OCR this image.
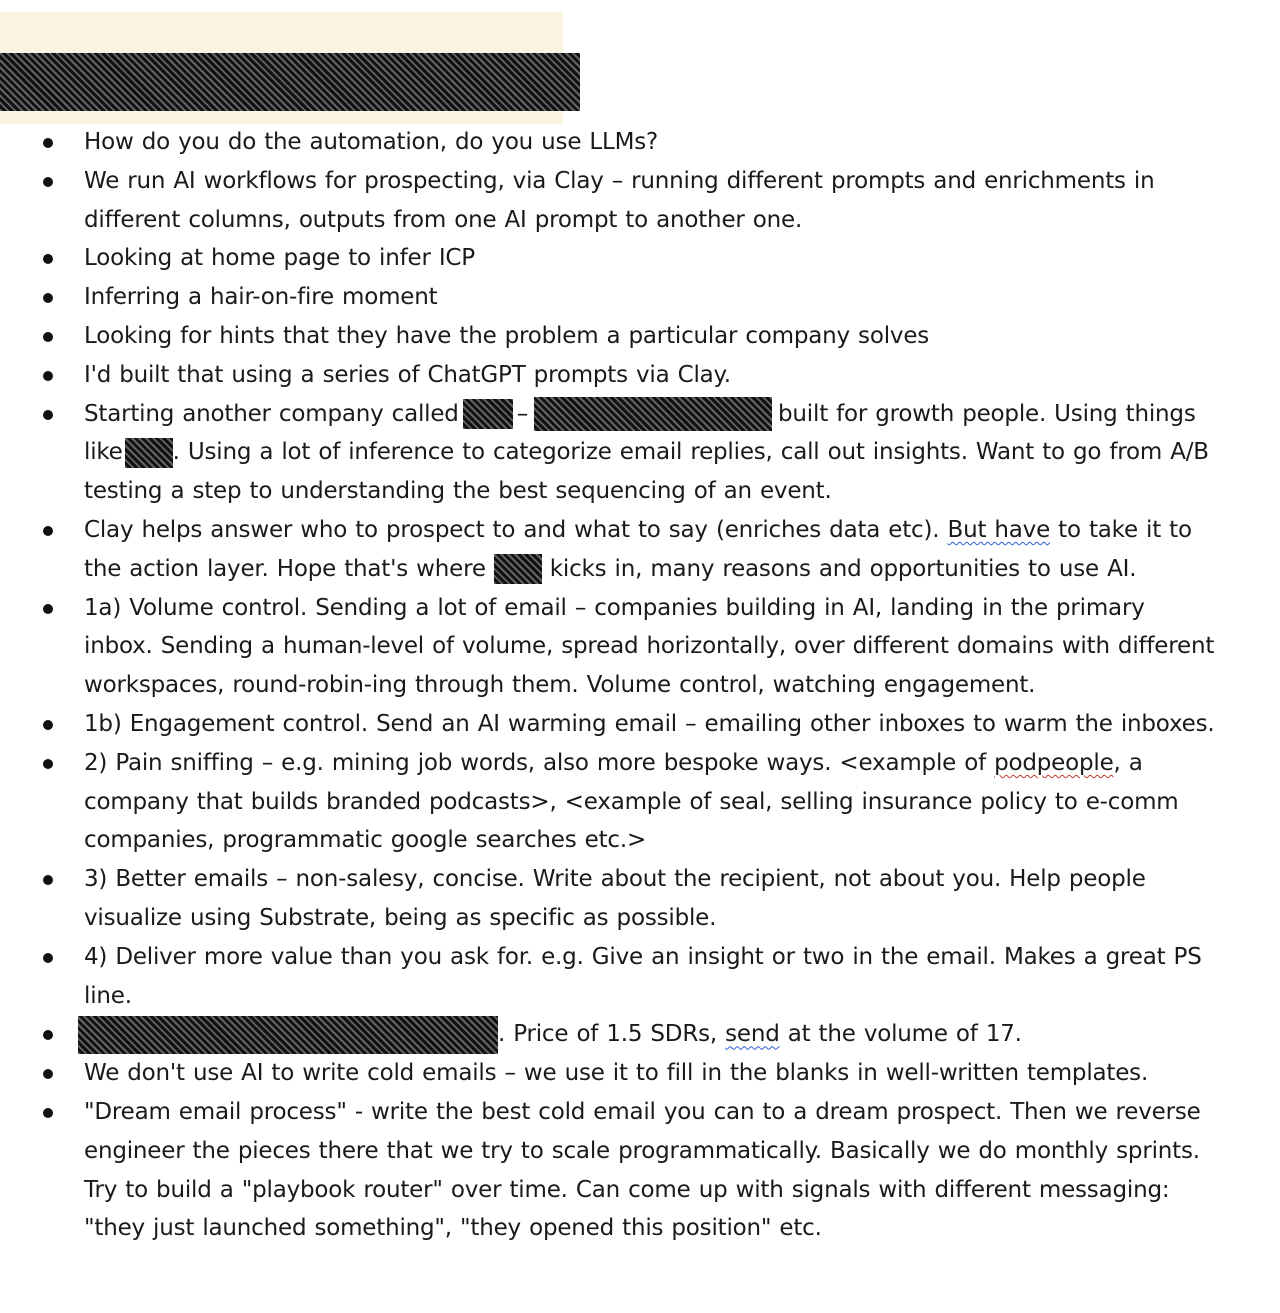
How do you do the automation, do you use LLMs?
We run AI workflows for prospecting, via Clay – running different prompts and enrichments in different columns, outputs from one AI prompt to another one.
Looking at home page to infer ICP
Inferring a hair-on-fire moment
Looking for hints that they have the problem a particular company solves
I'd built that using a series of ChatGPT prompts via Clay.
Starting another company called	–	built for growth people. Using things like . Using a lot of inference to categorize email replies, call out insights. Want to go from A/B testing a step to understanding the best sequencing of an event.
Clay helps answer who to prospect to and what to say (enriches data etc). But have to take it to the action layer. Hope that's where	kicks in, many reasons and opportunities to use AI.
1a) Volume control. Sending a lot of email – companies building in AI, landing in the primary inbox. Sending a human-level of volume, spread horizontally, over different domains with different workspaces, round-robin-ing through them. Volume control, watching engagement.
1b) Engagement control. Send an AI warming email – emailing other inboxes to warm the inboxes.
2) Pain sniffing – e.g. mining job words, also more bespoke ways. <example of podpeople, a company that builds branded podcasts>, <example of seal, selling insurance policy to e-comm companies, programmatic google searches etc.>
3) Better emails – non-salesy, concise. Write about the recipient, not about you. Help people visualize using Substrate, being as specific as possible.
4) Deliver more value than you ask for. e.g. Give an insight or two in the email. Makes a great PS line.
. Price of 1.5 SDRs, send at the volume of 17.
We don't use AI to write cold emails – we use it to fill in the blanks in well-written templates.
"Dream email process" - write the best cold email you can to a dream prospect. Then we reverse engineer the pieces there that we try to scale programmatically. Basically we do monthly sprints. Try to build a "playbook router" over time. Can come up with signals with different messaging: "they just launched something", "they opened this position" etc.
